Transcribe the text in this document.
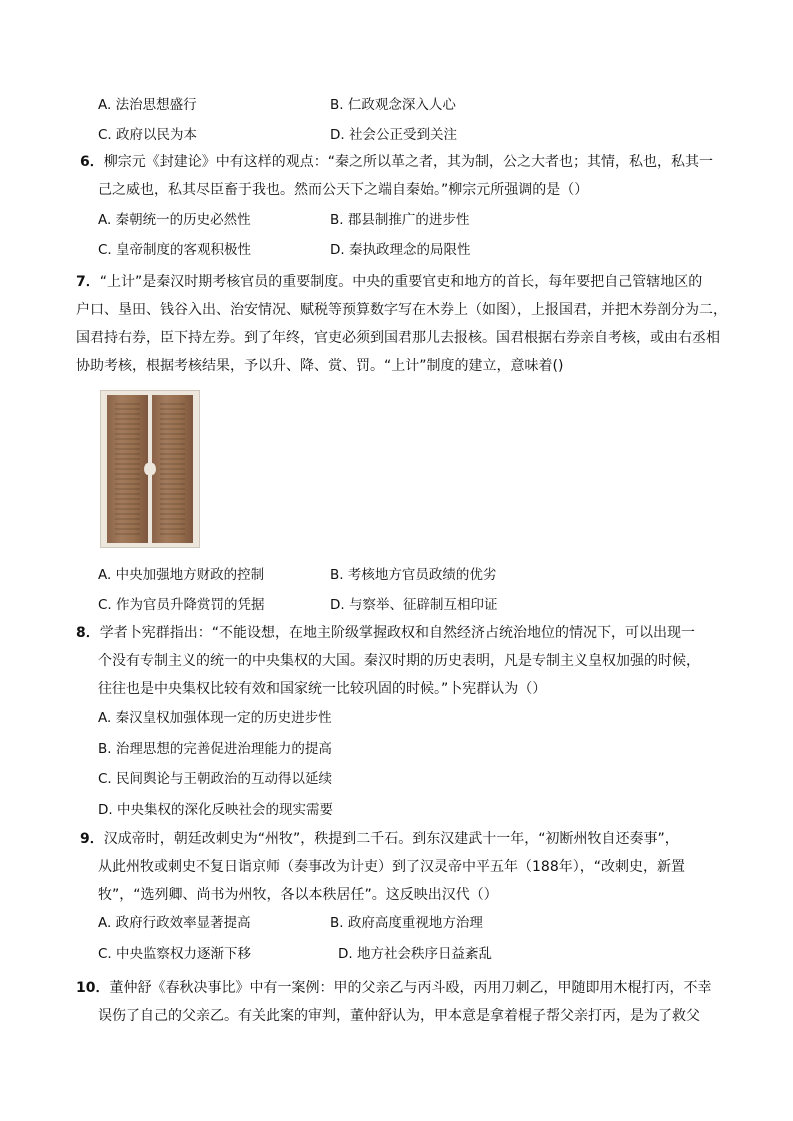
A. 法治思想盛行	B. 仁政观念深入人心
C. 政府以民为本	D. 社会公正受到关注
6．柳宗元《封建论》中有这样的观点：“秦之所以革之者，其为制，公之大者也；其情，私也，私其一
己之威也，私其尽臣畜于我也。然而公天下之端自秦始。”柳宗元所强调的是（）
A. 秦朝统一的历史必然性	B. 郡县制推广的进步性
C. 皇帝制度的客观积极性	D. 秦执政理念的局限性
7．“上计”是秦汉时期考核官员的重要制度。中央的重要官吏和地方的首长，每年要把自己管辖地区的
户口、垦田、钱谷入出、治安情况、赋税等预算数字写在木券上（如图），上报国君，并把木券剖分为二，
国君持右券，臣下持左券。到了年终，官吏必须到国君那儿去报核。国君根据右券亲自考核，或由右丞相
协助考核，根据考核结果，予以升、降、赏、罚。“上计”制度的建立，意味着()
A. 中央加强地方财政的控制	B. 考核地方官员政绩的优劣
C. 作为官员升降赏罚的凭据	D. 与察举、征辟制互相印证
8．学者卜宪群指出：“不能设想，在地主阶级掌握政权和自然经济占统治地位的情况下，可以出现一
个没有专制主义的统一的中央集权的大国。秦汉时期的历史表明，凡是专制主义皇权加强的时候，
往往也是中央集权比较有效和国家统一比较巩固的时候。”卜宪群认为（）
A. 秦汉皇权加强体现一定的历史进步性
B. 治理思想的完善促进治理能力的提高
C. 民间舆论与王朝政治的互动得以延续
D. 中央集权的深化反映社会的现实需要
9．汉成帝时，朝廷改刺史为“州牧”，秩提到二千石。到东汉建武十一年，“初断州牧自还奏事”，
从此州牧或刺史不复日诣京师（奏事改为计吏）到了汉灵帝中平五年（188年），“改刺史，新置
牧”，“选列卿、尚书为州牧，各以本秩居任”。这反映出汉代（）
A. 政府行政效率显著提高	B. 政府高度重视地方治理
C. 中央监察权力逐渐下移	D. 地方社会秩序日益紊乱
10．董仲舒《春秋决事比》中有一案例：甲的父亲乙与丙斗殴，丙用刀刺乙，甲随即用木棍打丙，不幸
误伤了自己的父亲乙。有关此案的审判，董仲舒认为，甲本意是拿着棍子帮父亲打丙，是为了救父
